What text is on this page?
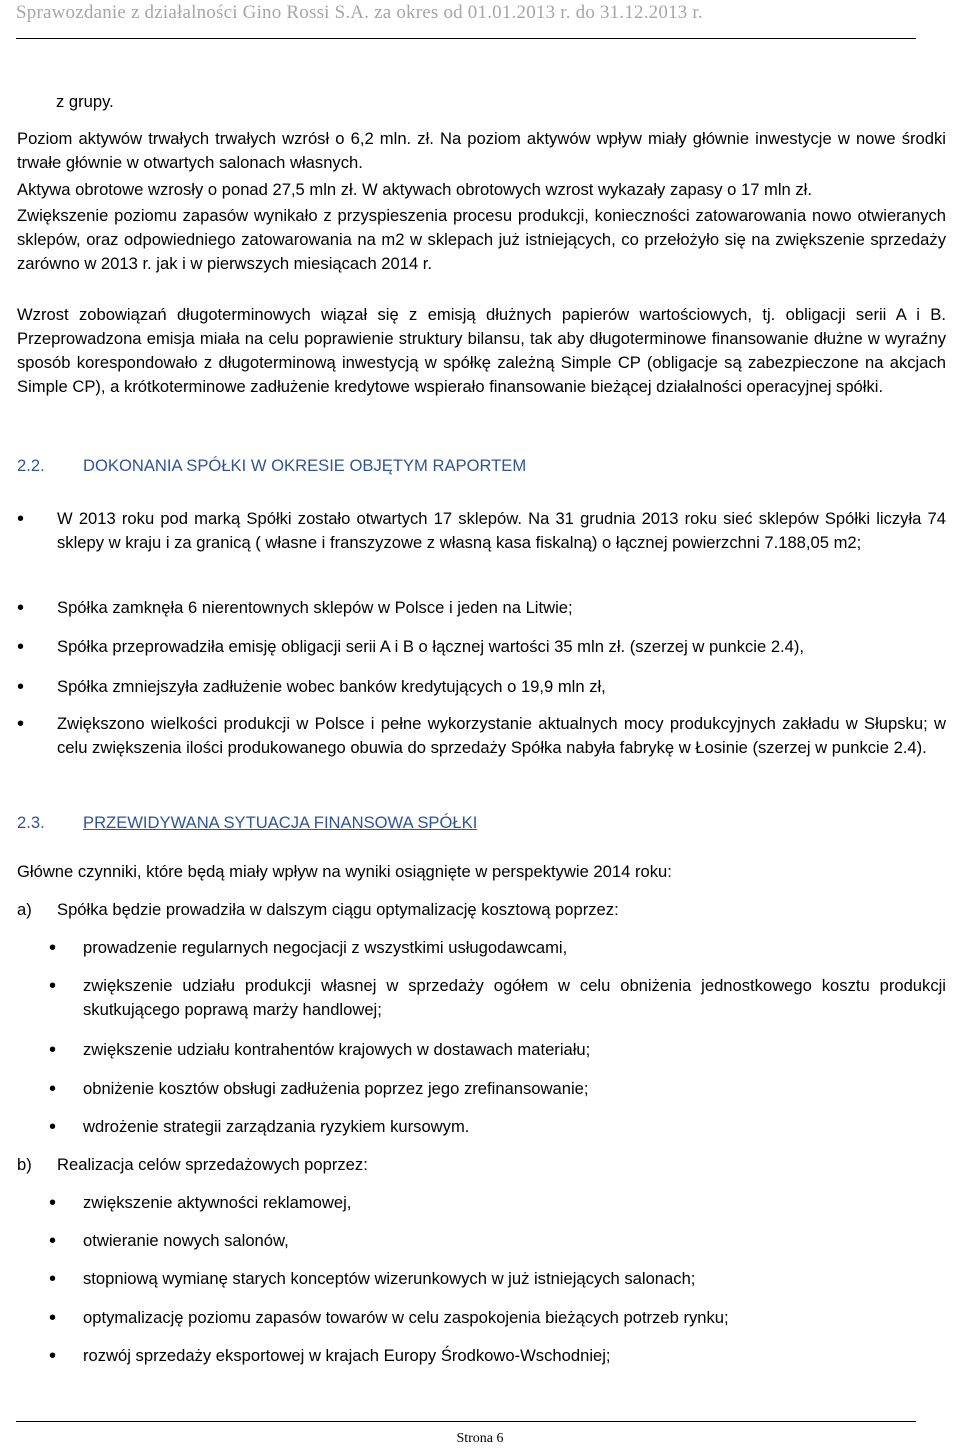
Sprawozdanie z działalności Gino Rossi S.A. za okres od 01.01.2013 r. do 31.12.2013 r.
z grupy.
Poziom aktywów trwałych trwałych wzrósł o 6,2 mln. zł. Na poziom aktywów wpływ miały głównie inwestycje w nowe środki trwałe głównie w otwartych salonach własnych.
Aktywa obrotowe wzrosły o ponad 27,5 mln zł. W aktywach obrotowych wzrost wykazały zapasy o 17 mln zł.
Zwiększenie poziomu zapasów wynikało z przyspieszenia procesu produkcji, konieczności zatowarowania nowo otwieranych sklepów, oraz odpowiedniego zatowarowania na m2 w sklepach już istniejących, co przełożyło się na zwiększenie sprzedaży zarówno w 2013 r. jak i w pierwszych miesiącach 2014 r.
Wzrost zobowiązań długoterminowych wiązał się z emisją dłużnych papierów wartościowych, tj. obligacji serii A i B. Przeprowadzona emisja miała na celu poprawienie struktury bilansu, tak aby długoterminowe finansowanie dłużne w wyraźny sposób korespondowało z długoterminową inwestycją w spółkę zależną Simple CP (obligacje są zabezpieczone na akcjach Simple CP), a krótkoterminowe zadłużenie kredytowe wspierało finansowanie bieżącej działalności operacyjnej spółki.
2.2. DOKONANIA SPÓŁKI W OKRESIE OBJĘTYM RAPORTEM
•	W 2013 roku pod marką Spółki zostało otwartych 17 sklepów. Na 31 grudnia 2013 roku sieć sklepów Spółki liczyła 74 sklepy w kraju i za granicą ( własne i franszyzowe z własną kasa fiskalną) o łącznej powierzchni 7.188,05 m2;
•	Spółka zamknęła 6 nierentownych sklepów w Polsce i jeden na Litwie;
•	Spółka przeprowadziła emisję obligacji serii A i B o łącznej wartości 35 mln zł. (szerzej w punkcie 2.4),
•	Spółka zmniejszyła zadłużenie wobec banków kredytujących o 19,9 mln zł,
•	Zwiększono wielkości produkcji w Polsce i pełne wykorzystanie aktualnych mocy produkcyjnych zakładu w Słupsku; w celu zwiększenia ilości produkowanego obuwia do sprzedaży Spółka nabyła fabrykę w Łosinie (szerzej w punkcie 2.4).
2.3. PRZEWIDYWANA SYTUACJA FINANSOWA SPÓŁKI
Główne czynniki, które będą miały wpływ na wyniki osiągnięte w perspektywie 2014 roku:
a) Spółka będzie prowadziła w dalszym ciągu optymalizację kosztową poprzez:
• prowadzenie regularnych negocjacji z wszystkimi usługodawcami,
• zwiększenie udziału produkcji własnej w sprzedaży ogółem w celu obniżenia jednostkowego kosztu produkcji skutkującego poprawą marży handlowej;
• zwiększenie udziału kontrahentów krajowych w dostawach materiału;
• obniżenie kosztów obsługi zadłużenia poprzez jego zrefinansowanie;
• wdrożenie strategii zarządzania ryzykiem kursowym.
b) Realizacja celów sprzedażowych poprzez:
• zwiększenie aktywności reklamowej,
• otwieranie nowych salonów,
• stopniową wymianę starych konceptów wizerunkowych w już istniejących salonach;
• optymalizację poziomu zapasów towarów w celu zaspokojenia bieżących potrzeb rynku;
• rozwój sprzedaży eksportowej w krajach Europy Środkowo-Wschodniej;
Strona 6
